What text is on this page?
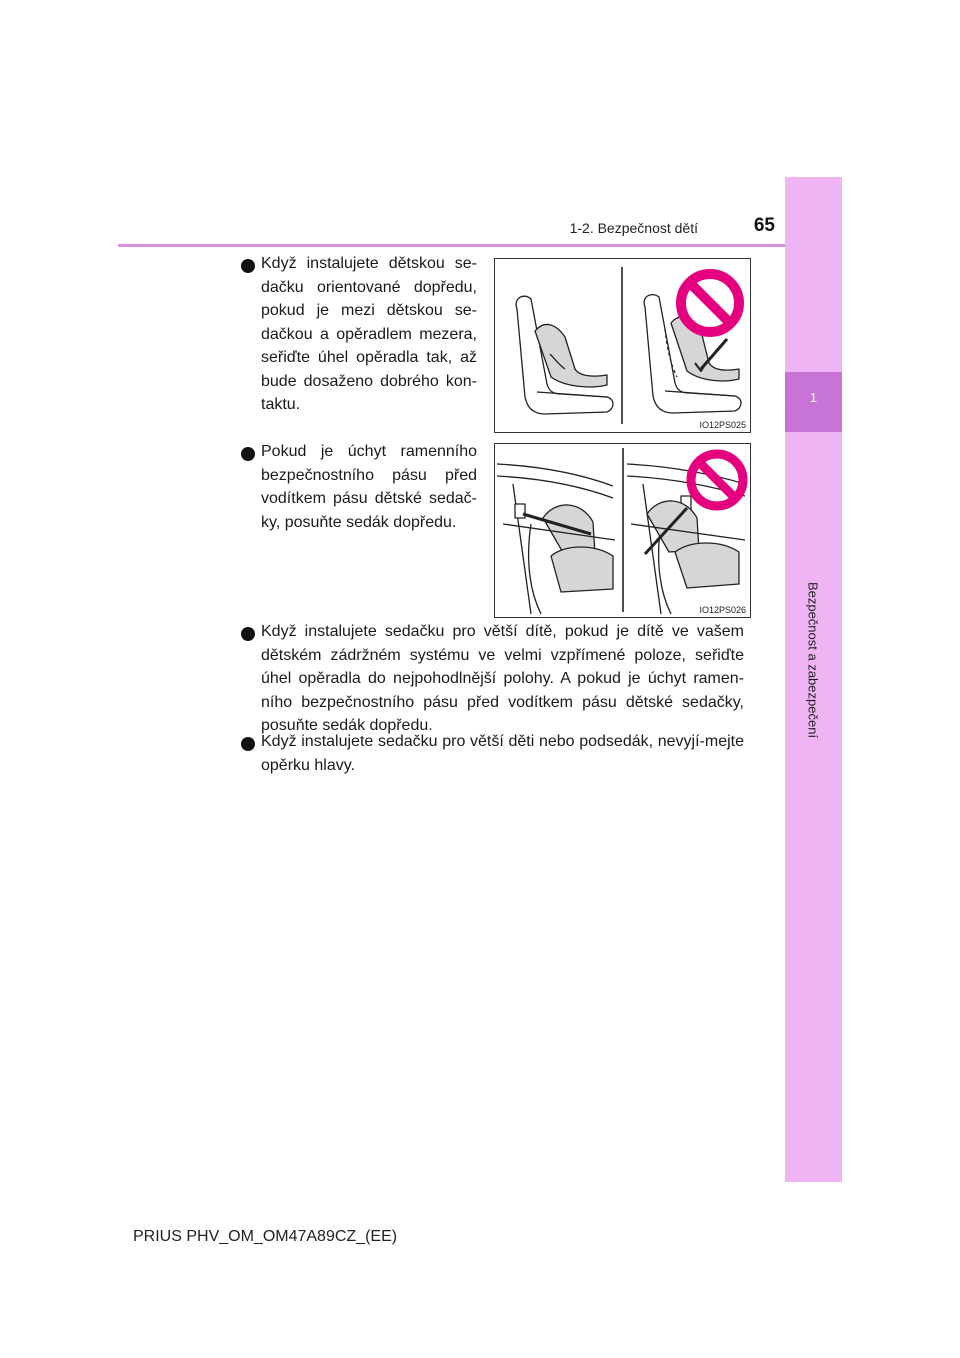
1
Bezpečnost a zabezpečení
1-2. Bezpečnost dětí	65

Když instalujete dětskou se-dačku orientované dopředu, pokud je mezi dětskou se-dačkou a opěradlem mezera, seřiďte úhel opěradla tak, až bude dosaženo dobrého kon-taktu.

IO12PS025

Pokud je úchyt ramenního bezpečnostního pásu před vodítkem pásu dětské sedač-ky, posuňte sedák dopředu.

IO12PS026

Když instalujete sedačku pro větší dítě, pokud je dítě ve vašem dětském zádržném systému ve velmi vzpřímené poloze, seřiďte úhel opěradla do nejpohodlnější polohy. A pokud je úchyt ramen-ního bezpečnostního pásu před vodítkem pásu dětské sedačky, posuňte sedák dopředu.

Když instalujete sedačku pro větší děti nebo podsedák, nevyjí-mejte opěrku hlavy.

PRIUS PHV_OM_OM47A89CZ_(EE)
